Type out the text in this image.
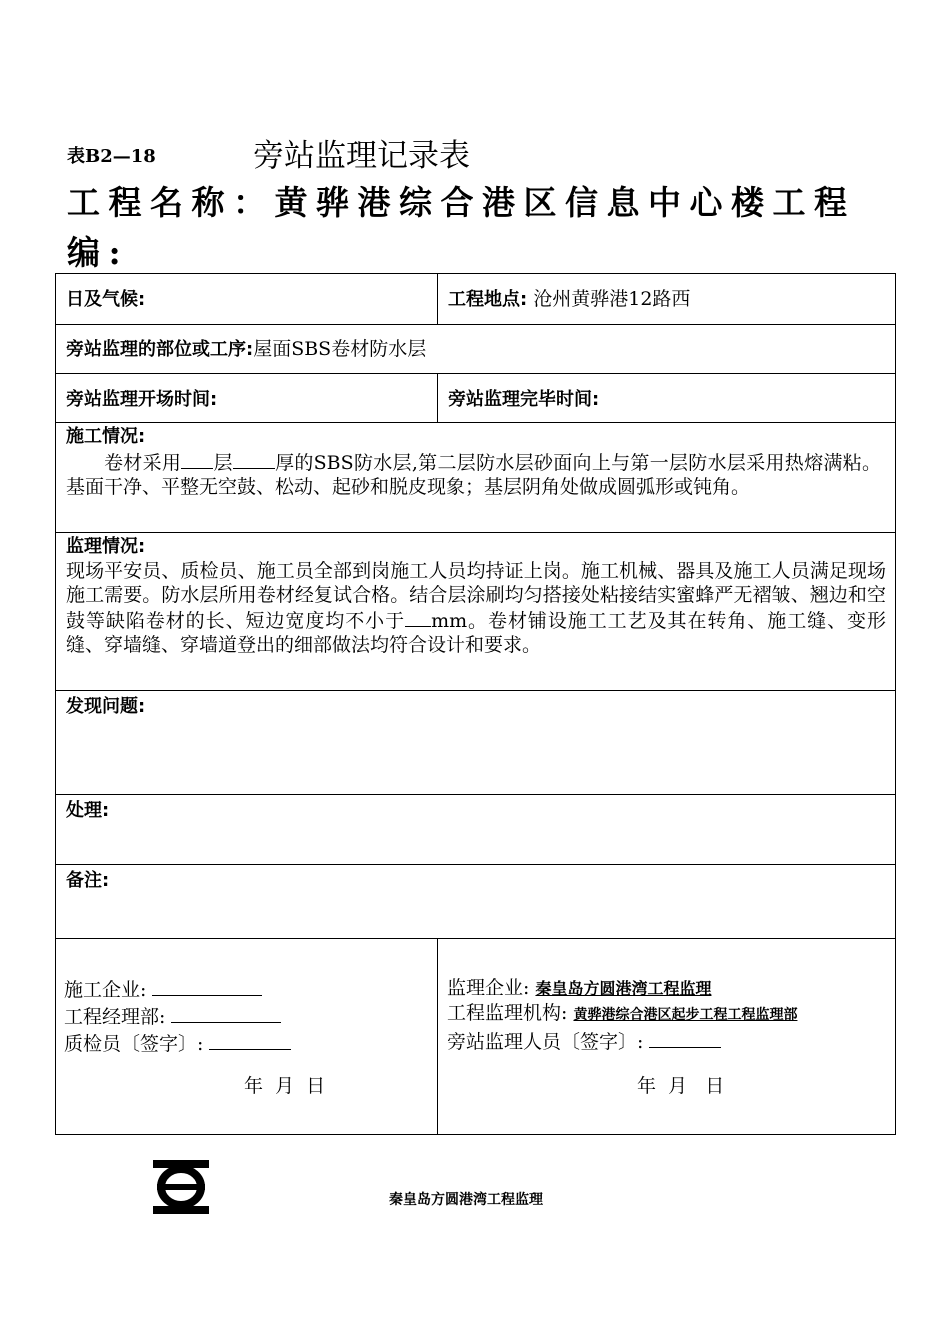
表B2—18	旁站监理记录表
工程名称：黄骅港综合港区信息中心楼工程编:
日及气候:	工程地点: 沧州黄骅港12路西
旁站监理的部位或工序:屋面SBS卷材防水层
旁站监理开场时间:	旁站监理完毕时间:
施工情况:
卷材采用 层 厚的SBS防水层,第二层防水层砂面向上与第一层防水层采用热熔满粘。基面干净、平整无空鼓、松动、起砂和脱皮现象；基层阴角处做成圆弧形或钝角。
监理情况:
现场平安员、质检员、施工员全部到岗施工人员均持证上岗。施工机械、器具及施工人员满足现场施工需要。防水层所用卷材经复试合格。结合层涂刷均匀搭接处粘接结实蜜蜂严无褶皱、翘边和空鼓等缺陷卷材的长、短边宽度均不小于 mm。卷材铺设施工工艺及其在转角、施工缝、变形缝、穿墙缝、穿墙道登出的细部做法均符合设计和要求。
发现问题:
处理:
备注:
施工企业:
工程经理部:
质检员〔签字〕:
年  月  日
监理企业: 秦皇岛方圆港湾工程监理
工程监理机构: 黄骅港综合港区起步工程工程监理部
旁站监理人员〔签字〕:
年  月   日
秦皇岛方圆港湾工程监理
